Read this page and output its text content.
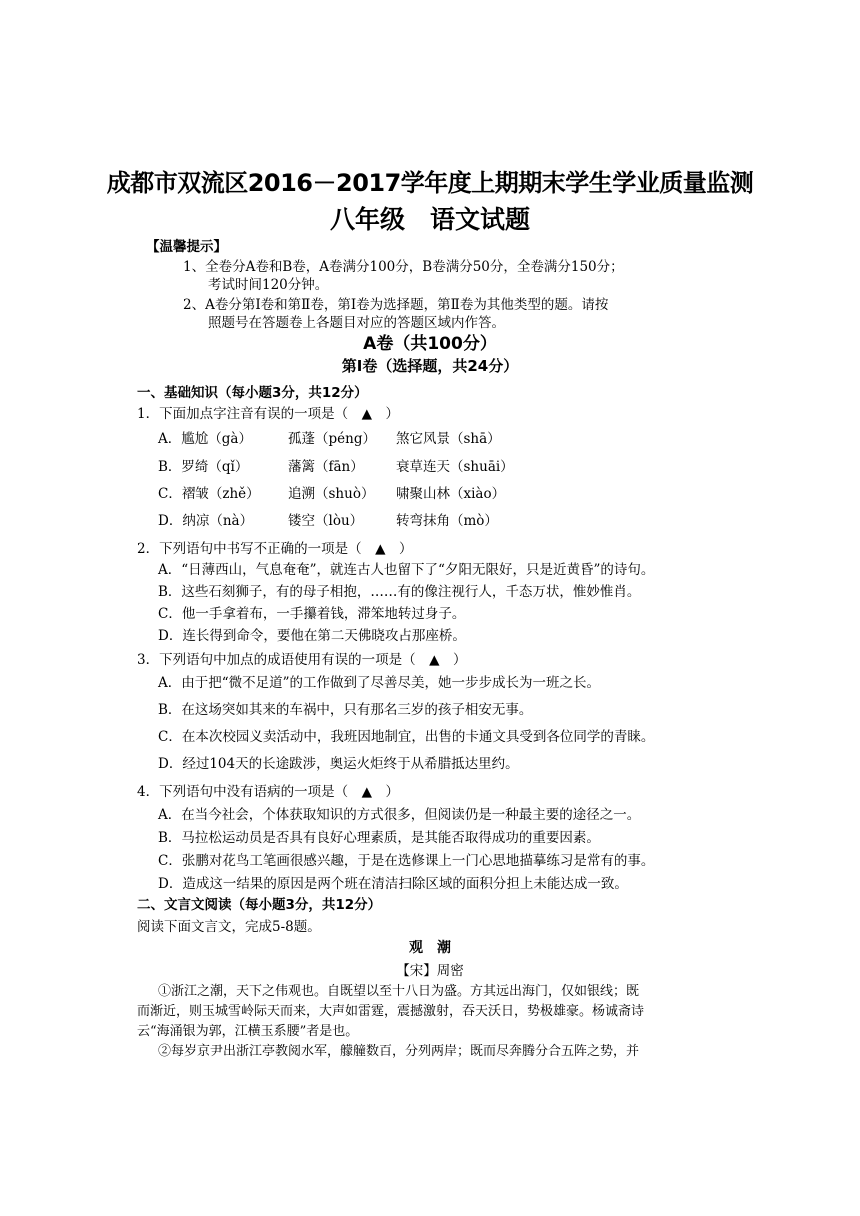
成都市双流区2016－2017学年度上期期末学生学业质量监测
八年级　语文试题
【温馨提示】
1、全卷分A卷和B卷，A卷满分100分，B卷满分50分，全卷满分150分；
考试时间120分钟。
2、A卷分第Ⅰ卷和第Ⅱ卷，第Ⅰ卷为选择题，第Ⅱ卷为其他类型的题。请按
照题号在答题卷上各题目对应的答题区域内作答。
A卷（共100分）
第Ⅰ卷（选择题，共24分）
一、基础知识（每小题3分，共12分）
1．下面加点字注音有误的一项是（　▲　）
A．尴尬（gà）	孤蓬（péng） 煞它风景（shā）
B．罗绮（qǐ）	藩篱（fān） 衰草连天（shuāi）
C．褶皱（zhě） 追溯（shuò） 啸聚山林（xiào）
D．纳凉（nà）	镂空（lòu） 转弯抹角（mò）
2．下列语句中书写不正确的一项是（　▲　）
A．“日薄西山，气息奄奄”，就连古人也留下了“夕阳无限好，只是近黄昏”的诗句。
B．这些石刻狮子，有的母子相抱，……有的像注视行人，千态万状，惟妙惟肖。
C．他一手拿着布，一手攥着钱，滞笨地转过身子。
D．连长得到命令，要他在第二天佛晓攻占那座桥。
3．下列语句中加点的成语使用有误的一项是（　▲　）
A．由于把“微不足道”的工作做到了尽善尽美，她一步步成长为一班之长。
B．在这场突如其来的车祸中，只有那名三岁的孩子相安无事。
C．在本次校园义卖活动中，我班因地制宜，出售的卡通文具受到各位同学的青睐。
D．经过104天的长途跋涉，奥运火炬终于从希腊抵达里约。
4．下列语句中没有语病的一项是（　▲　）
A．在当今社会，个体获取知识的方式很多，但阅读仍是一种最主要的途径之一。
B．马拉松运动员是否具有良好心理素质，是其能否取得成功的重要因素。
C．张鹏对花鸟工笔画很感兴趣，于是在选修课上一门心思地描摹练习是常有的事。
D．造成这一结果的原因是两个班在清洁扫除区域的面积分担上未能达成一致。
二、文言文阅读（每小题3分，共12分）
阅读下面文言文，完成5-8题。
观　潮
【宋】周密
①浙江之潮，天下之伟观也。自既望以至十八日为盛。方其远出海门，仅如银线；既
而渐近，则玉城雪岭际天而来，大声如雷霆，震撼激射，吞天沃日，势极雄豪。杨诚斋诗
云“海涌银为郭，江横玉系腰”者是也。
②每岁京尹出浙江亭教阅水军，艨艟数百，分列两岸；既而尽奔腾分合五阵之势，并
